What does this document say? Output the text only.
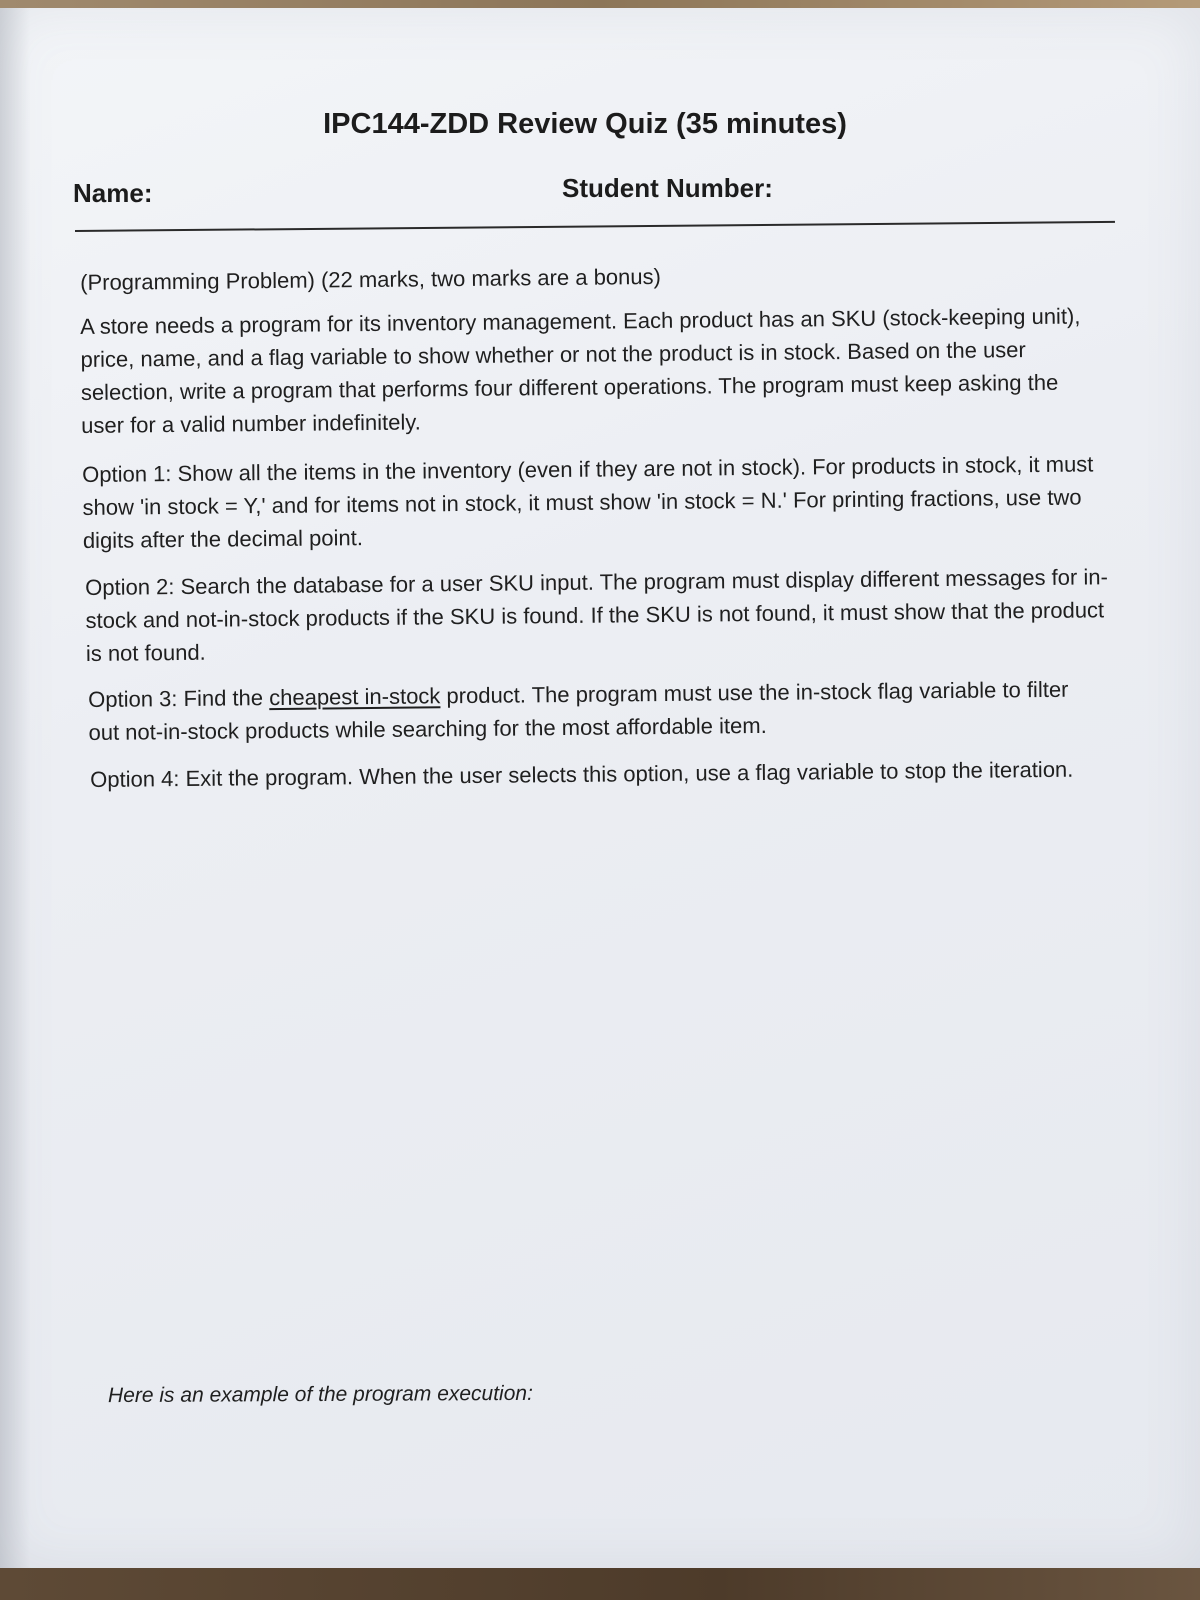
IPC144-ZDD Review Quiz (35 minutes)
Name:	Student Number:
(Programming Problem) (22 marks, two marks are a bonus)

A store needs a program for its inventory management. Each product has an SKU (stock-keeping unit), price, name, and a flag variable to show whether or not the product is in stock. Based on the user selection, write a program that performs four different operations. The program must keep asking the user for a valid number indefinitely.

Option 1: Show all the items in the inventory (even if they are not in stock). For products in stock, it must show 'in stock = Y,' and for items not in stock, it must show 'in stock = N.' For printing fractions, use two digits after the decimal point.

Option 2: Search the database for a user SKU input. The program must display different messages for in-stock and not-in-stock products if the SKU is found. If the SKU is not found, it must show that the product is not found.

Option 3: Find the cheapest in-stock product. The program must use the in-stock flag variable to filter out not-in-stock products while searching for the most affordable item.

Option 4: Exit the program. When the user selects this option, use a flag variable to stop the iteration.

Here is an example of the program execution:
